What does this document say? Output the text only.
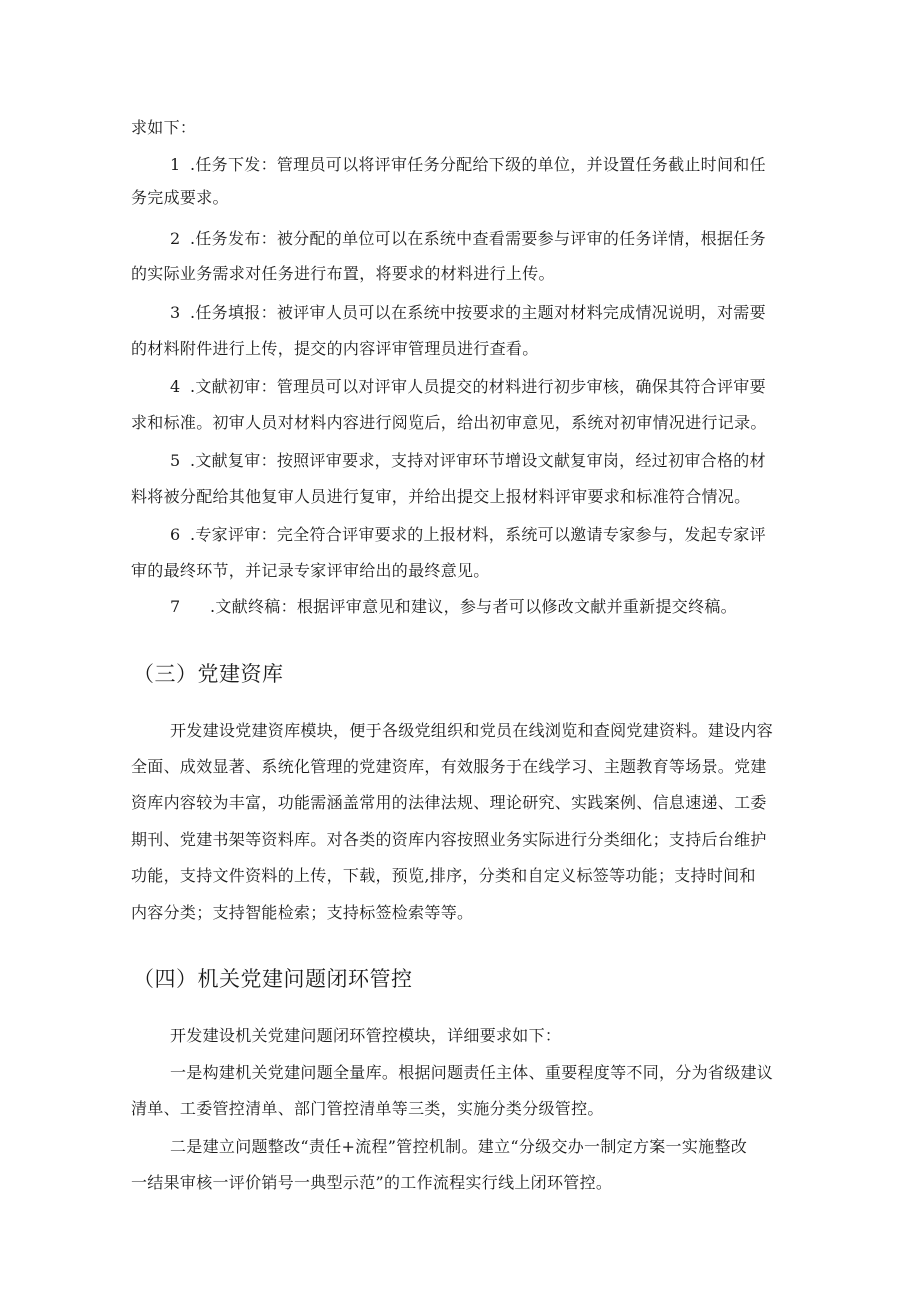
求如下：
1 .任务下发：管理员可以将评审任务分配给下级的单位，并设置任务截止时间和任
务完成要求。
2 .任务发布：被分配的单位可以在系统中查看需要参与评审的任务详情，根据任务
的实际业务需求对任务进行布置，将要求的材料进行上传。
3 .任务填报：被评审人员可以在系统中按要求的主题对材料完成情况说明，对需要
的材料附件进行上传，提交的内容评审管理员进行查看。
4 .文献初审：管理员可以对评审人员提交的材料进行初步审核，确保其符合评审要
求和标准。初审人员对材料内容进行阅览后，给出初审意见，系统对初审情况进行记录。
5 .文献复审：按照评审要求，支持对评审环节增设文献复审岗，经过初审合格的材
料将被分配给其他复审人员进行复审，并给出提交上报材料评审要求和标准符合情况。
6 .专家评审：完全符合评审要求的上报材料，系统可以邀请专家参与，发起专家评
审的最终环节，并记录专家评审给出的最终意见。
7 .文献终稿：根据评审意见和建议，参与者可以修改文献并重新提交终稿。
（三）党建资库
开发建设党建资库模块，便于各级党组织和党员在线浏览和查阅党建资料。建设内容
全面、成效显著、系统化管理的党建资库，有效服务于在线学习、主题教育等场景。党建
资库内容较为丰富，功能需涵盖常用的法律法规、理论研究、实践案例、信息速递、工委
期刊、党建书架等资料库。对各类的资库内容按照业务实际进行分类细化；支持后台维护
功能，支持文件资料的上传，下载，预览,排序，分类和自定义标签等功能；支持时间和
内容分类；支持智能检索；支持标签检索等等。
（四）机关党建问题闭环管控
开发建设机关党建问题闭环管控模块，详细要求如下：
一是构建机关党建问题全量库。根据问题责任主体、重要程度等不同，分为省级建议
清单、工委管控清单、部门管控清单等三类，实施分类分级管控。
二是建立问题整改“责任+流程”管控机制。建立“分级交办一制定方案一实施整改
一结果审核一评价销号一典型示范”的工作流程实行线上闭环管控。
